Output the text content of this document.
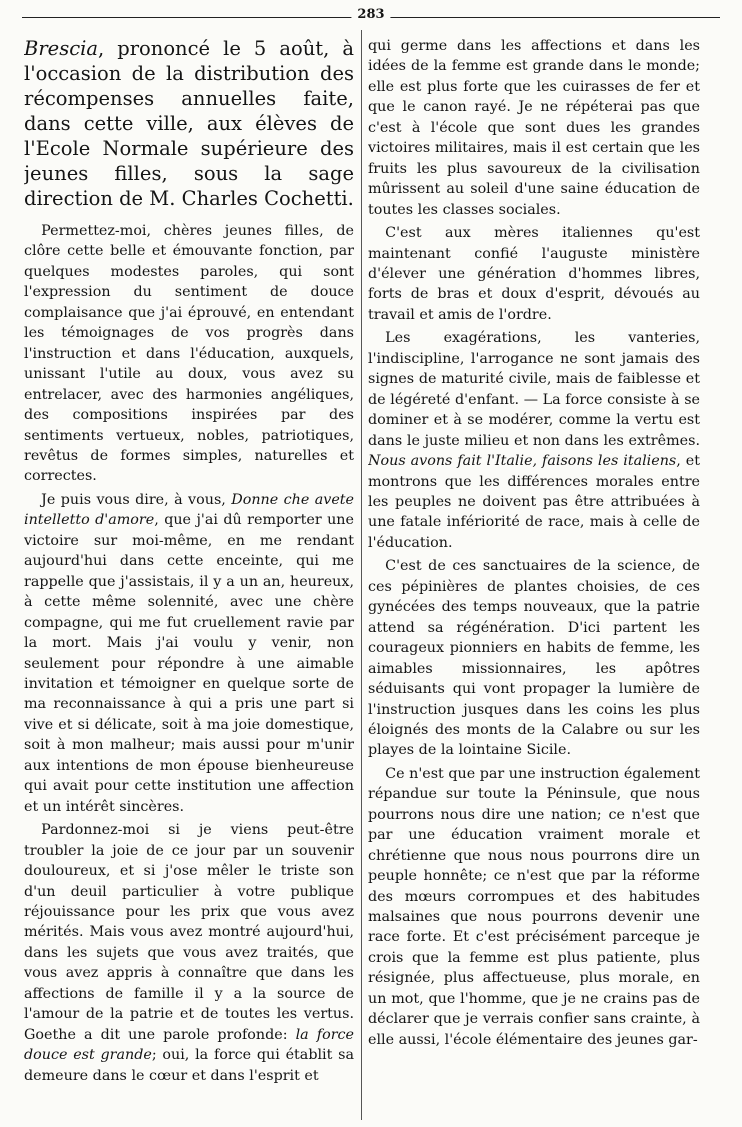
283

Brescia, prononcé le 5 août, à l'occasion de la distribution des récompenses annuelles faite, dans cette ville, aux élèves de l'Ecole Normale supérieure des jeunes filles, sous la sage direction de M. Charles Cochetti.

Permettez-moi, chères jeunes filles, de clôre cette belle et émouvante fonction, par quelques modestes paroles, qui sont l'expression du sentiment de douce complaisance que j'ai éprouvé, en entendant les témoignages de vos progrès dans l'instruction et dans l'éducation, auxquels, unissant l'utile au doux, vous avez su entrelacer, avec des harmonies angéliques, des compositions inspirées par des sentiments vertueux, nobles, patriotiques, revêtus de formes simples, naturelles et correctes.

Je puis vous dire, à vous, Donne che avete intelletto d'amore, que j'ai dû remporter une victoire sur moi-même, en me rendant aujourd'hui dans cette enceinte, qui me rappelle que j'assistais, il y a un an, heureux, à cette même solennité, avec une chère compagne, qui me fut cruellement ravie par la mort. Mais j'ai voulu y venir, non seulement pour répondre à une aimable invitation et témoigner en quelque sorte de ma reconnaissance à qui a pris une part si vive et si délicate, soit à ma joie domestique, soit à mon malheur; mais aussi pour m'unir aux intentions de mon épouse bienheureuse qui avait pour cette institution une affection et un intérêt sincères.

Pardonnez-moi si je viens peut-être troubler la joie de ce jour par un souvenir douloureux, et si j'ose mêler le triste son d'un deuil particulier à votre publique réjouissance pour les prix que vous avez mérités. Mais vous avez montré aujourd'hui, dans les sujets que vous avez traités, que vous avez appris à connaître que dans les affections de famille il y a la source de l'amour de la patrie et de toutes les vertus. Goethe a dit une parole profonde: la force douce est grande; oui, la force qui établit sa demeure dans le cœur et dans l'esprit et

qui germe dans les affections et dans les idées de la femme est grande dans le monde; elle est plus forte que les cuirasses de fer et que le canon rayé. Je ne répéterai pas que c'est à l'école que sont dues les grandes victoires militaires, mais il est certain que les fruits les plus savoureux de la civilisation mûrissent au soleil d'une saine éducation de toutes les classes sociales.

C'est aux mères italiennes qu'est maintenant confié l'auguste ministère d'élever une génération d'hommes libres, forts de bras et doux d'esprit, dévoués au travail et amis de l'ordre.

Les exagérations, les vanteries, l'indiscipline, l'arrogance ne sont jamais des signes de maturité civile, mais de faiblesse et de légéreté d'enfant. — La force consiste à se dominer et à se modérer, comme la vertu est dans le juste milieu et non dans les extrêmes. Nous avons fait l'Italie, faisons les italiens, et montrons que les différences morales entre les peuples ne doivent pas être attribuées à une fatale infériorité de race, mais à celle de l'éducation.

C'est de ces sanctuaires de la science, de ces pépinières de plantes choisies, de ces gynécées des temps nouveaux, que la patrie attend sa régénération. D'ici partent les courageux pionniers en habits de femme, les aimables missionnaires, les apôtres séduisants qui vont propager la lumière de l'instruction jusques dans les coins les plus éloignés des monts de la Calabre ou sur les playes de la lointaine Sicile.

Ce n'est que par une instruction également répandue sur toute la Péninsule, que nous pourrons nous dire une nation; ce n'est que par une éducation vraiment morale et chrétienne que nous nous pourrons dire un peuple honnête; ce n'est que par la réforme des mœurs corrompues et des habitudes malsaines que nous pourrons devenir une race forte. Et c'est précisément parceque je crois que la femme est plus patiente, plus résignée, plus affectueuse, plus morale, en un mot, que l'homme, que je ne crains pas de déclarer que je verrais confier sans crainte, à elle aussi, l'école élémentaire des jeunes gar-
